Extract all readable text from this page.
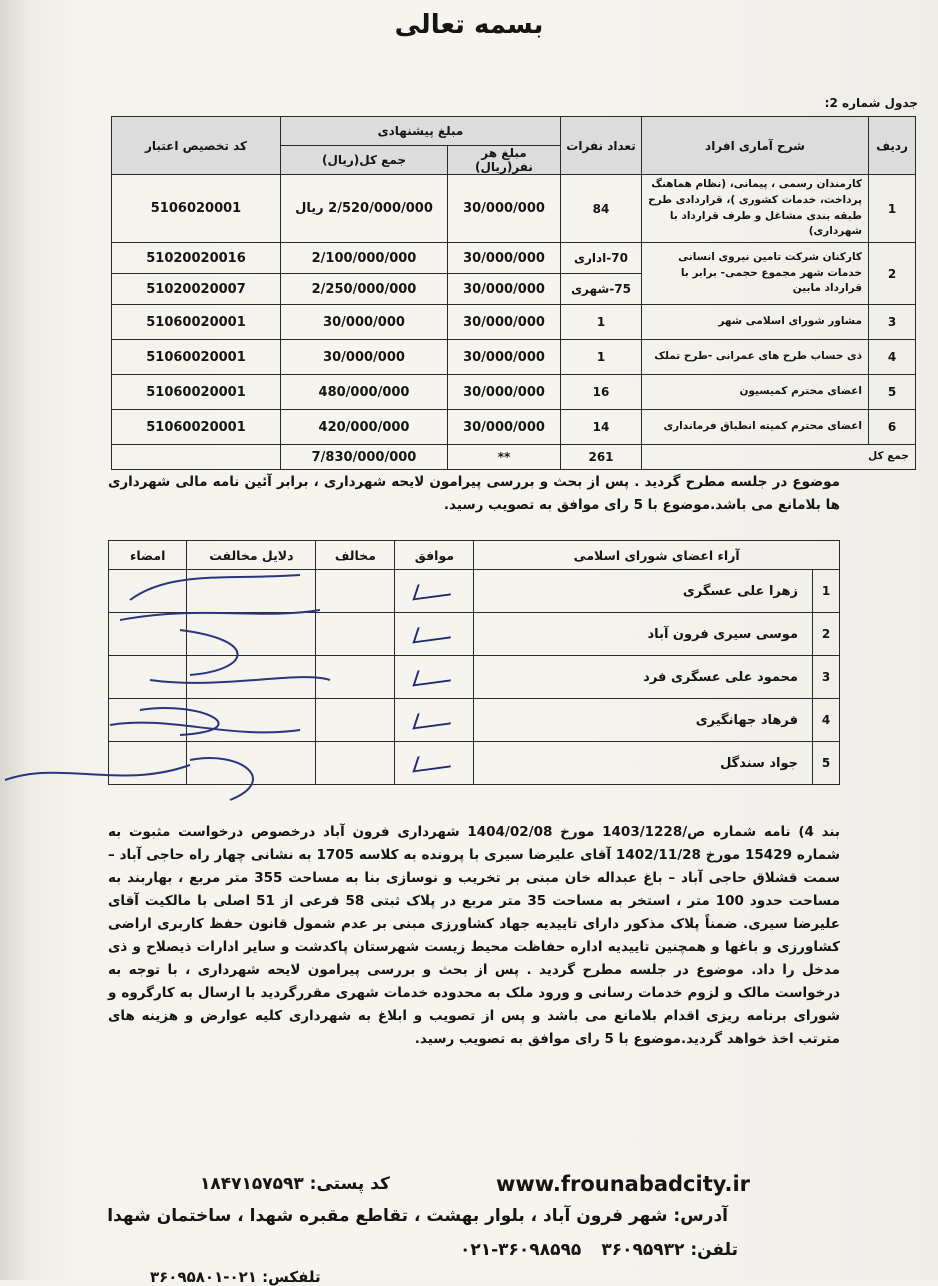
بسمه تعالی
جدول شماره 2:
ردیف	شرح آماری افراد	تعداد نفرات	مبلغ پیشنهادی		کد تخصیص اعتبار
			مبلغ هر نفر(ریال)	جمع کل(ریال)	
1	کارمندان رسمی ، پیمانی، (نظام هماهنگ پرداخت، خدمات کشوری )، قراردادی طرح طبقه بندی مشاغل و طرف قرارداد با شهرداری)	84	30/000/000	2/520/000/000 ریال	5106020001
2	کارکنان شرکت تامین نیروی انسانی خدمات شهر مجموع حجمی- برابر با قرارداد مابین	70-اداری	30/000/000	2/100/000/000	51020020016
		75-شهری	30/000/000	2/250/000/000	51020020007
3	مشاور شورای اسلامی شهر	1	30/000/000	30/000/000	51060020001
4	ذی حساب طرح های عمرانی -طرح تملک	1	30/000/000	30/000/000	51060020001
5	اعضای محترم کمیسیون	16	30/000/000	480/000/000	51060020001
6	اعضای محترم کمیته انطباق فرمانداری	14	30/000/000	420/000/000	51060020001
جمع کل		261	**	7/830/000/000	
موضوع در جلسه مطرح گردید . پس از بحث و بررسی پیرامون لایحه شهرداری ، برابر آئین نامه مالی شهرداری ها بلامانع می باشد.موضوع با 5 رای موافق به تصویب رسید.
آراء اعضای شورای اسلامی		موافق	مخالف	دلایل مخالفت	امضاء
1	زهرا علی عسگری				
2	موسی سیری فرون آباد				
3	محمود علی عسگری فرد				
4	فرهاد جهانگیری				
5	جواد سندگل				
بند 4) نامه شماره ص/1403/1228 مورخ 1404/02/08 شهرداری فرون آباد درخصوص درخواست مثبوت به شماره 15429 مورخ 1402/11/28 آقای علیرضا سیری با پرونده به کلاسه 1705 به نشانی چهار راه حاجی آباد – سمت قشلاق حاجی آباد – باغ عبداله خان مبنی بر تخریب و نوسازی بنا به مساحت 355 متر مربع ، بهاربند به مساحت حدود 100 متر ، استخر به مساحت 35 متر مربع در پلاک ثبتی 58 فرعی از 51 اصلی با مالکیت آقای علیرضا سیری. ضمناً پلاک مذکور دارای تاییدیه جهاد کشاورزی مبنی بر عدم شمول قانون حفظ کاربری اراضی کشاورزی و باغها و همچنین تاییدیه اداره حفاظت محیط زیست شهرستان پاکدشت و سایر ادارات ذیصلاح و ذی مدخل را داد. موضوع در جلسه مطرح گردید . پس از بحث و بررسی پیرامون لایحه شهرداری ، با توجه به درخواست مالک و لزوم خدمات رسانی و ورود ملک به محدوده خدمات شهری مقررگردید با ارسال به کارگروه و شورای برنامه ریزی اقدام بلامانع می باشد و پس از تصویب و ابلاغ به شهرداری کلیه عوارض و هزینه های مترتب اخذ خواهد گردید.موضوع با 5 رای موافق به تصویب رسید.
www.frounabadcity.ir
کد پستی: ۱۸۴۷۱۵۷۵۹۳
آدرس: شهر فرون آباد ، بلوار بهشت ، تقاطع مقبره شهدا ، ساختمان شهدا
تلفن: ۳۶۰۹۵۹۳۲
۰۲۱-۳۶۰۹۸۵۹۵
تلفکس: ۰۲۱-۳۶۰۹۵۸۰۱
